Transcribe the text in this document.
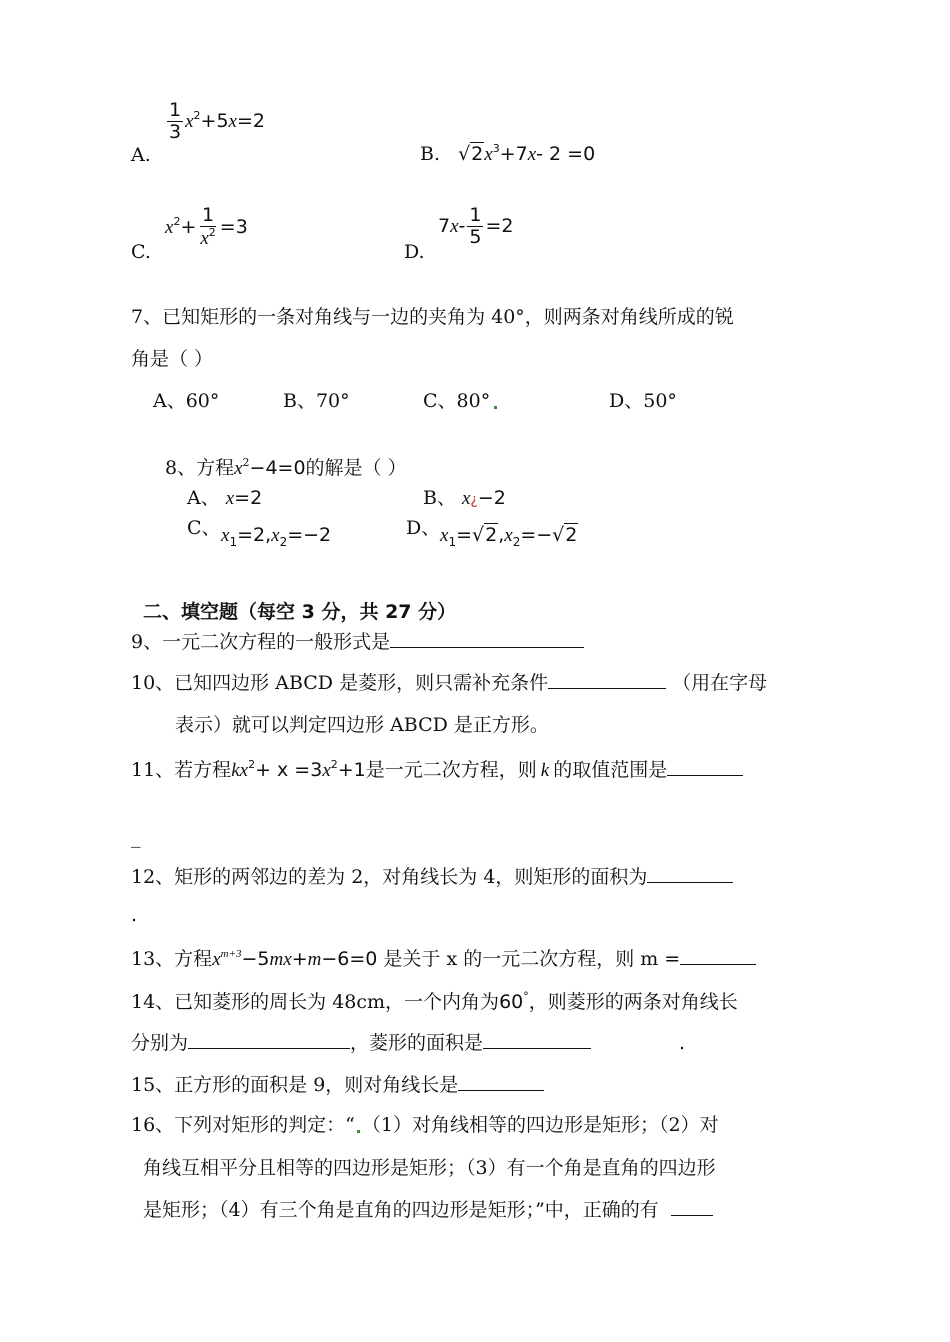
A.
$\frac{1}{3} x^2+5x=2$
B. $√2x^3+7x-$ 2 =0
C.
$x^2+ \frac{1}{x^2} =3$
D.
$7x- \frac{1}{5} =2$
7、已知矩形的一条对角线与一边的夹角为 40°，则两条对角线所成的锐
角是（ ）
A、60°	B、70°	C、80°	D、50°
8、方程$x^2-4=0$的解是（ ）
A、 x=2	B、 x¿−2
C、 $x_1=2,x_2=-2$	D、 $x_1=√2,x_2=-√2$
二、填空题（每空 3 分，共 27 分）
9、一元二次方程的一般形式是
10、已知四边形 ABCD 是菱形，则只需补充条件	（用在字母
表示）就可以判定四边形 ABCD 是正方形。
11、若方程$kx^2+ x =3x^2+1$是一元二次方程，则 k 的取值范围是
_
12、矩形的两邻边的差为 2，对角线长为 4，则矩形的面积为
.
13、方程$x^{m+3}-5mx+m-6=0$ 是关于 x 的一元二次方程，则 m =
14、已知菱形的周长为 48cm，一个内角为60°，则菱形的两条对角线长
分别为	，菱形的面积是	.
15、正方形的面积是 9，则对角线长是
16、下列对矩形的判定：“ （1）对角线相等的四边形是矩形；（2）对
角线互相平分且相等的四边形是矩形；（3）有一个角是直角的四边形
是矩形；（4）有三个角是直角的四边形是矩形；”中，正确的有
